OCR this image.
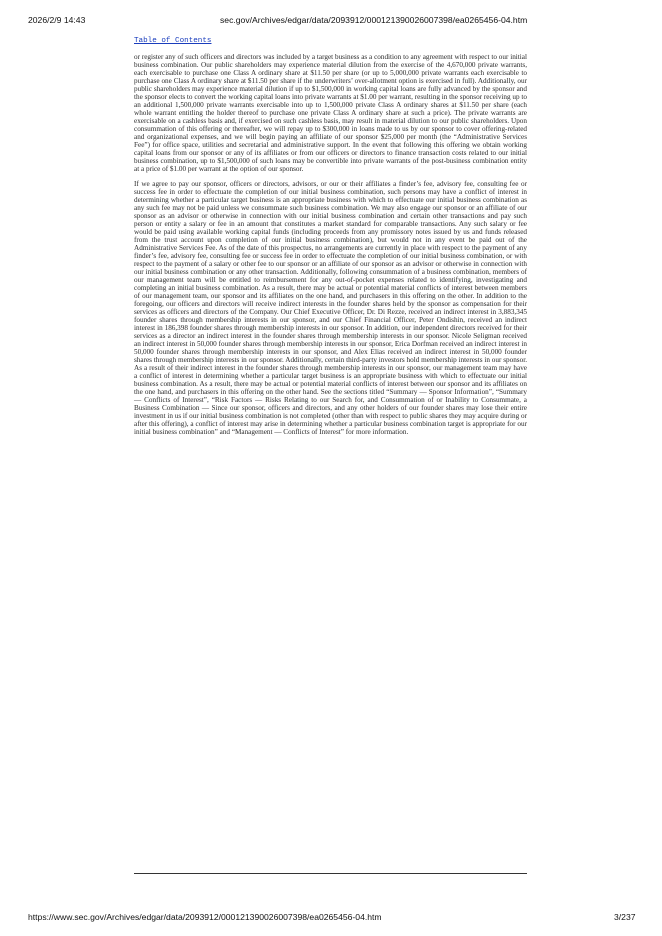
2026/2/9 14:43	sec.gov/Archives/edgar/data/2093912/000121390026007398/ea0265456-04.htm
Table of Contents

or register any of such officers and directors was included by a target business as a condition to any agreement with respect to our initial business combination. Our public shareholders may experience material dilution from the exercise of the 4,670,000 private warrants, each exercisable to purchase one Class A ordinary share at $11.50 per share (or up to 5,000,000 private warrants each exercisable to purchase one Class A ordinary share at $11.50 per share if the underwriters’ over-allotment option is exercised in full). Additionally, our public shareholders may experience material dilution if up to $1,500,000 in working capital loans are fully advanced by the sponsor and the sponsor elects to convert the working capital loans into private warrants at $1.00 per warrant, resulting in the sponsor receiving up to an additional 1,500,000 private warrants exercisable into up to 1,500,000 private Class A ordinary shares at $11.50 per share (each whole warrant entitling the holder thereof to purchase one private Class A ordinary share at such a price). The private warrants are exercisable on a cashless basis and, if exercised on such cashless basis, may result in material dilution to our public shareholders. Upon consummation of this offering or thereafter, we will repay up to $300,000 in loans made to us by our sponsor to cover offering-related and organizational expenses, and we will begin paying an affiliate of our sponsor $25,000 per month (the “Administrative Services Fee”) for office space, utilities and secretarial and administrative support. In the event that following this offering we obtain working capital loans from our sponsor or any of its affiliates or from our officers or directors to finance transaction costs related to our initial business combination, up to $1,500,000 of such loans may be convertible into private warrants of the post-business combination entity at a price of $1.00 per warrant at the option of our sponsor.

If we agree to pay our sponsor, officers or directors, advisors, or our or their affiliates a finder’s fee, advisory fee, consulting fee or success fee in order to effectuate the completion of our initial business combination, such persons may have a conflict of interest in determining whether a particular target business is an appropriate business with which to effectuate our initial business combination as any such fee may not be paid unless we consummate such business combination. We may also engage our sponsor or an affiliate of our sponsor as an advisor or otherwise in connection with our initial business combination and certain other transactions and pay such person or entity a salary or fee in an amount that constitutes a market standard for comparable transactions. Any such salary or fee would be paid using available working capital funds (including proceeds from any promissory notes issued by us and funds released from the trust account upon completion of our initial business combination), but would not in any event be paid out of the Administrative Services Fee. As of the date of this prospectus, no arrangements are currently in place with respect to the payment of any finder’s fee, advisory fee, consulting fee or success fee in order to effectuate the completion of our initial business combination, or with respect to the payment of a salary or other fee to our sponsor or an affiliate of our sponsor as an advisor or otherwise in connection with our initial business combination or any other transaction. Additionally, following consummation of a business combination, members of our management team will be entitled to reimbursement for any out-of-pocket expenses related to identifying, investigating and completing an initial business combination. As a result, there may be actual or potential material conflicts of interest between members of our management team, our sponsor and its affiliates on the one hand, and purchasers in this offering on the other. In addition to the foregoing, our officers and directors will receive indirect interests in the founder shares held by the sponsor as compensation for their services as officers and directors of the Company. Our Chief Executive Officer, Dr. Di Rezze, received an indirect interest in 3,883,345 founder shares through membership interests in our sponsor, and our Chief Financial Officer, Peter Ondishin, received an indirect interest in 186,398 founder shares through membership interests in our sponsor. In addition, our independent directors received for their services as a director an indirect interest in the founder shares through membership interests in our sponsor. Nicole Seligman received an indirect interest in 50,000 founder shares through membership interests in our sponsor, Erica Dorfman received an indirect interest in 50,000 founder shares through membership interests in our sponsor, and Alex Elias received an indirect interest in 50,000 founder shares through membership interests in our sponsor. Additionally, certain third-party investors hold membership interests in our sponsor. As a result of their indirect interest in the founder shares through membership interests in our sponsor, our management team may have a conflict of interest in determining whether a particular target business is an appropriate business with which to effectuate our initial business combination. As a result, there may be actual or potential material conflicts of interest between our sponsor and its affiliates on the one hand, and purchasers in this offering on the other hand. See the sections titled “Summary — Sponsor Information”, “Summary — Conflicts of Interest”, “Risk Factors — Risks Relating to our Search for, and Consummation of or Inability to Consummate, a Business Combination — Since our sponsor, officers and directors, and any other holders of our founder shares may lose their entire investment in us if our initial business combination is not completed (other than with respect to public shares they may acquire during or after this offering), a conflict of interest may arise in determining whether a particular business combination target is appropriate for our initial business combination” and “Management — Conflicts of Interest” for more information.

https://www.sec.gov/Archives/edgar/data/2093912/000121390026007398/ea0265456-04.htm	3/237
